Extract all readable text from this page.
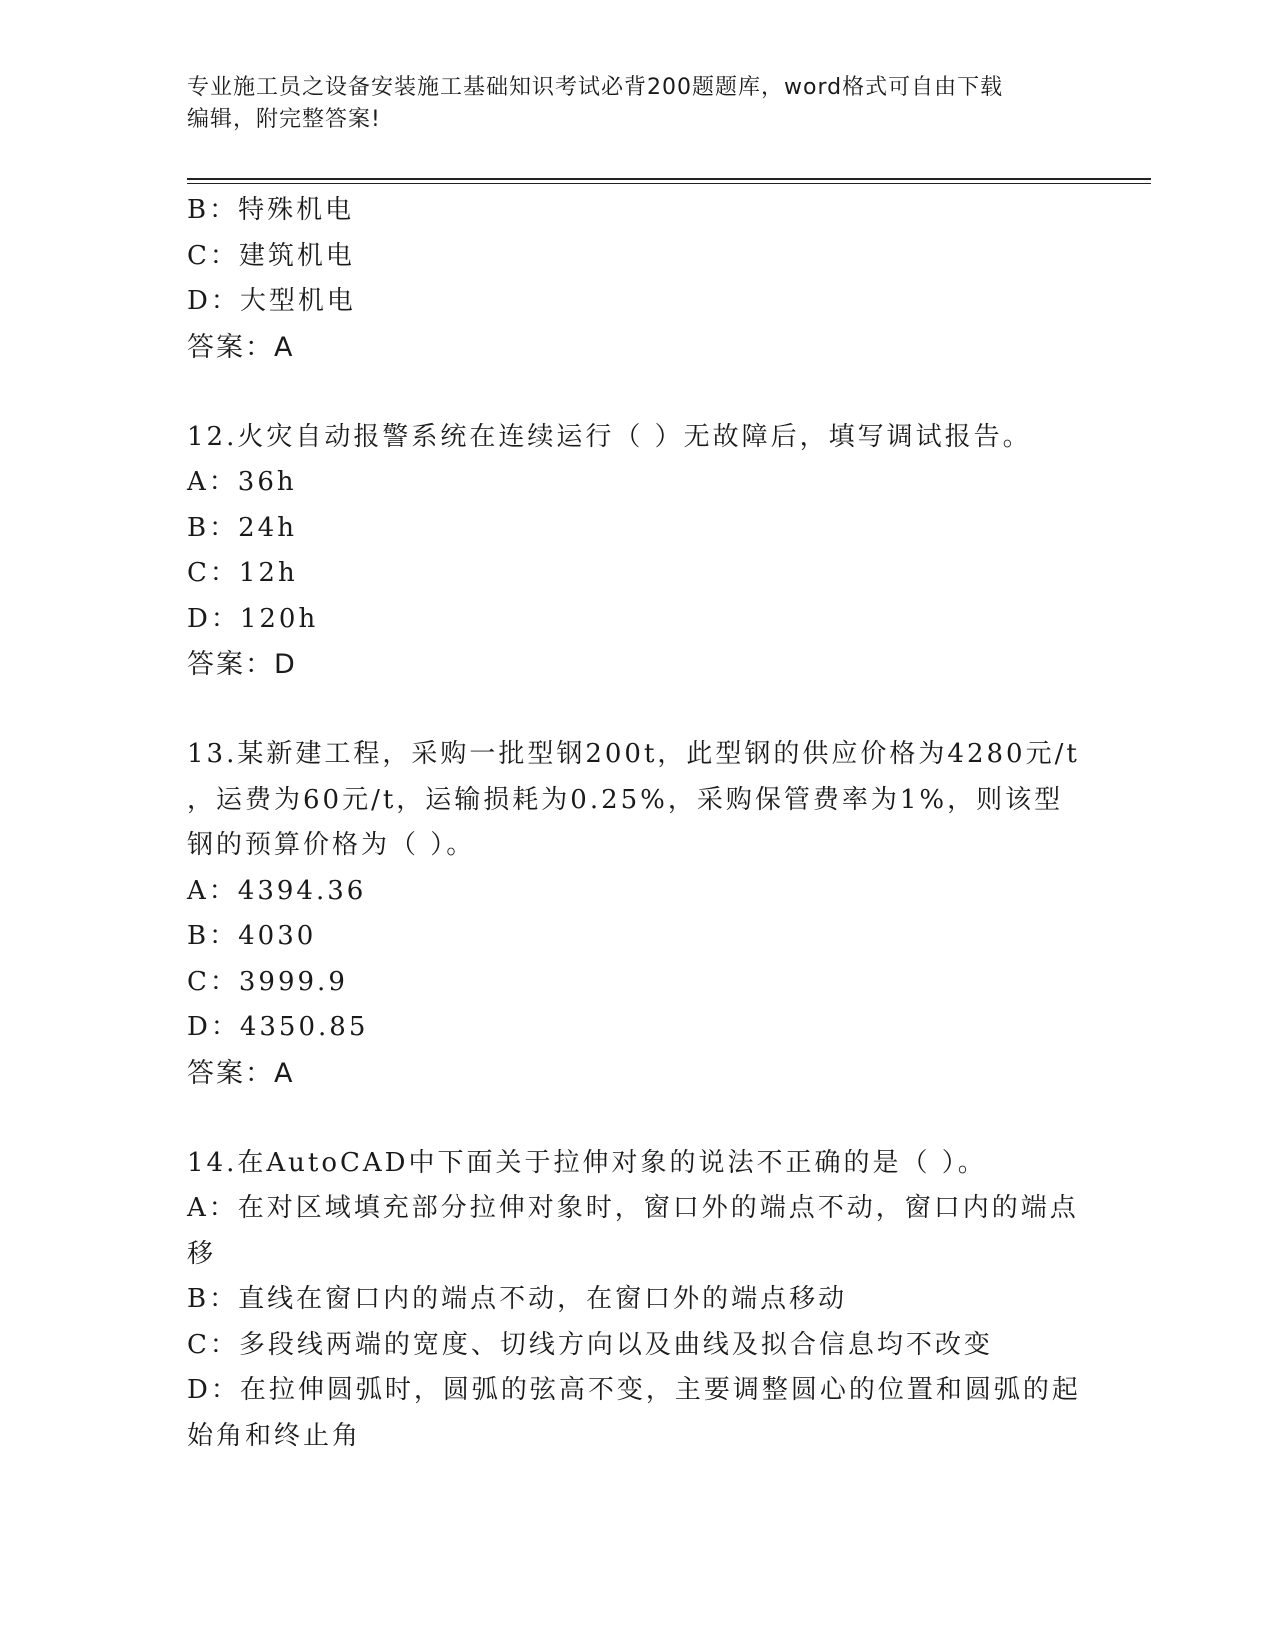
专业施工员之设备安装施工基础知识考试必背200题题库，word格式可自由下载
编辑，附完整答案!
B：特殊机电
C：建筑机电
D：大型机电
答案：A
12.火灾自动报警系统在连续运行（ ）无故障后，填写调试报告。
A：36h
B：24h
C：12h
D：120h
答案：D
13.某新建工程，采购一批型钢200t，此型钢的供应价格为4280元/t
，运费为60元/t，运输损耗为0.25%，采购保管费率为1%，则该型
钢的预算价格为（ ）。
A：4394.36
B：4030
C：3999.9
D：4350.85
答案：A
14.在AutoCAD中下面关于拉伸对象的说法不正确的是（ ）。
A：在对区域填充部分拉伸对象时，窗口外的端点不动，窗口内的端点
移
B：直线在窗口内的端点不动，在窗口外的端点移动
C：多段线两端的宽度、切线方向以及曲线及拟合信息均不改变
D：在拉伸圆弧时，圆弧的弦高不变，主要调整圆心的位置和圆弧的起
始角和终止角
